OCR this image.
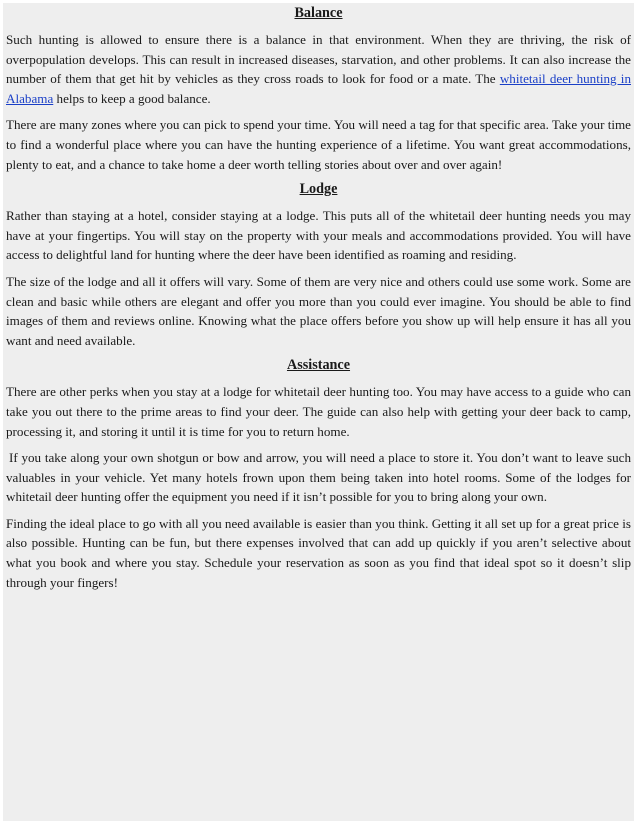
Balance

Such hunting is allowed to ensure there is a balance in that environment. When they are thriving, the risk of overpopulation develops. This can result in increased diseases, starvation, and other problems. It can also increase the number of them that get hit by vehicles as they cross roads to look for food or a mate. The whitetail deer hunting in Alabama helps to keep a good balance.

There are many zones where you can pick to spend your time. You will need a tag for that specific area. Take your time to find a wonderful place where you can have the hunting experience of a lifetime. You want great accommodations, plenty to eat, and a chance to take home a deer worth telling stories about over and over again!

Lodge

Rather than staying at a hotel, consider staying at a lodge. This puts all of the whitetail deer hunting needs you may have at your fingertips. You will stay on the property with your meals and accommodations provided. You will have access to delightful land for hunting where the deer have been identified as roaming and residing.

The size of the lodge and all it offers will vary. Some of them are very nice and others could use some work. Some are clean and basic while others are elegant and offer you more than you could ever imagine. You should be able to find images of them and reviews online. Knowing what the place offers before you show up will help ensure it has all you want and need available.

Assistance

There are other perks when you stay at a lodge for whitetail deer hunting too. You may have access to a guide who can take you out there to the prime areas to find your deer. The guide can also help with getting your deer back to camp, processing it, and storing it until it is time for you to return home.

If you take along your own shotgun or bow and arrow, you will need a place to store it. You don’t want to leave such valuables in your vehicle. Yet many hotels frown upon them being taken into hotel rooms. Some of the lodges for whitetail deer hunting offer the equipment you need if it isn’t possible for you to bring along your own.

Finding the ideal place to go with all you need available is easier than you think. Getting it all set up for a great price is also possible. Hunting can be fun, but there expenses involved that can add up quickly if you aren’t selective about what you book and where you stay. Schedule your reservation as soon as you find that ideal spot so it doesn’t slip through your fingers!
